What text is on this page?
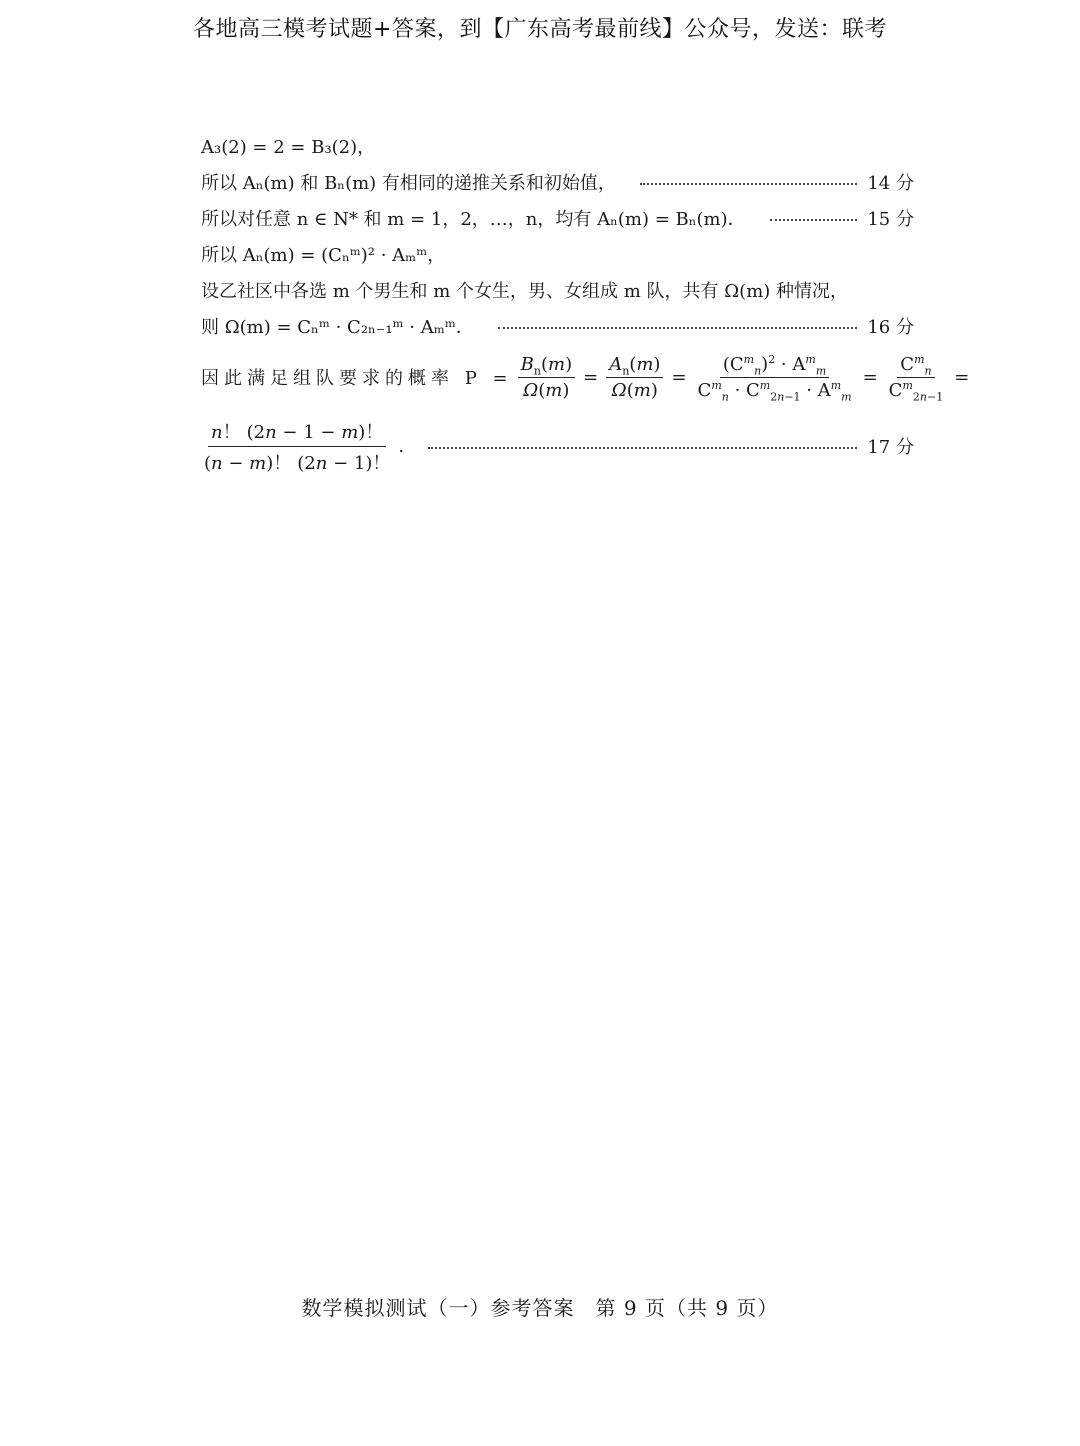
各地高三模考试题+答案，到【广东高考最前线】公众号，发送：联考
A₃(2) = 2 = B₃(2)，
所以 Aₙ(m) 和 Bₙ(m) 有相同的递推关系和初始值，	14 分
所以对任意 n ∈ N* 和 m = 1，2，…，n，均有 Aₙ(m) = Bₙ(m)．	15 分
所以 Aₙ(m) = (Cₙᵐ)² · Aₘᵐ，
设乙社区中各选 m 个男生和 m 个女生，男、女组成 m 队，共有 Ω(m) 种情况，
则 Ω(m) = Cₙᵐ · C₂ₙ₋₁ᵐ · Aₘᵐ．	16 分
因此满足组队要求的概率 $P = \frac{B_n(m)}{\Omega(m)} = \frac{A_n(m)}{\Omega(m)} = \frac{(C^m_n)^2 \cdot A^m_m}{C^m_n \cdot C^m_{2n-1} \cdot A^m_m} = \frac{C^m_n}{C^m_{2n-1}}$ =
$\frac{n! (2n - 1 - m)!}{(n - m)! (2n - 1)!}$ .	17 分
数学模拟测试（一）参考答案　第 9 页（共 9 页）
